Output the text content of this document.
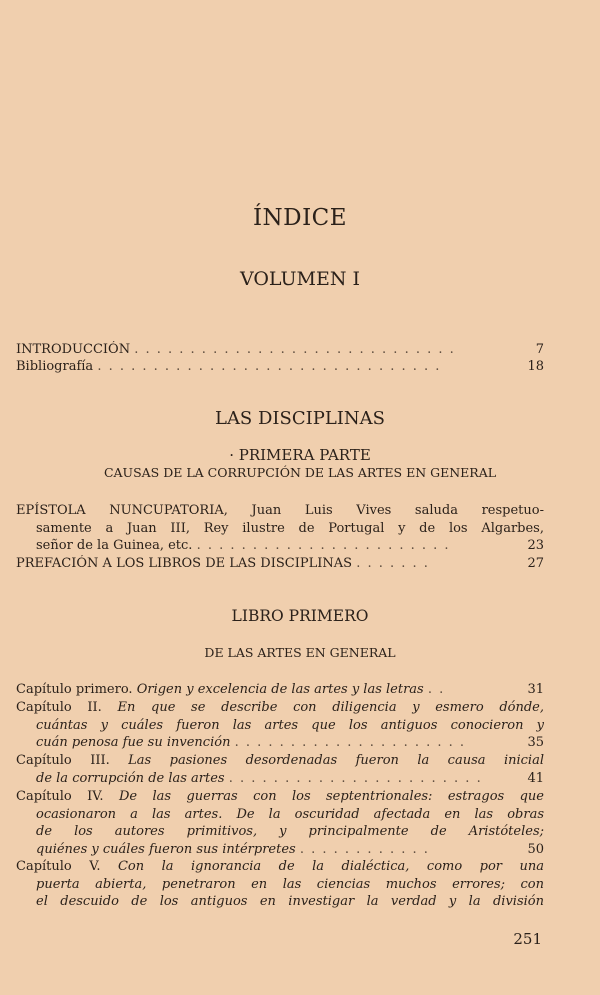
ÍNDICE
VOLUMEN I
INTRODUCCIÓN . . . . . . . . . . . . . . . . . . . . . . . . . . . . .	7
Bibliografía . . . . . . . . . . . . . . . . . . . . . . . . . . . . . . .	18
LAS DISCIPLINAS
· PRIMERA PARTE
CAUSAS DE LA CORRUPCIÓN DE LAS ARTES EN GENERAL
EPÍSTOLA NUNCUPATORIA, Juan Luis Vives saluda respetuo-
samente a Juan III, Rey ilustre de Portugal y de los Algarbes,
señor de la Guinea, etc. . . . . . . . . . . . . . . . . . . . . . . .	23
PREFACIÓN A LOS LIBROS DE LAS DISCIPLINAS . . . . . . .	27
LIBRO PRIMERO
DE LAS ARTES EN GENERAL
Capítulo primero. Origen y excelencia de las artes y las letras . .	31
Capítulo II. En que se describe con diligencia y esmero dónde,
cuántas y cuáles fueron las artes que los antiguos conocieron y
cuán penosa fue su invención . . . . . . . . . . . . . . . . . . . . .	35
Capítulo III. Las pasiones desordenadas fueron la causa inicial
de la corrupción de las artes . . . . . . . . . . . . . . . . . . . . . . .	41
Capítulo IV. De las guerras con los septentrionales: estragos que
ocasionaron a las artes. De la oscuridad afectada en las obras
de los autores primitivos, y principalmente de Aristóteles;
quiénes y cuáles fueron sus intérpretes . . . . . . . . . . . .	50
Capítulo V. Con la ignorancia de la dialéctica, como por una
puerta abierta, penetraron en las ciencias muchos errores; con
el descuido de los antiguos en investigar la verdad y la división
251
